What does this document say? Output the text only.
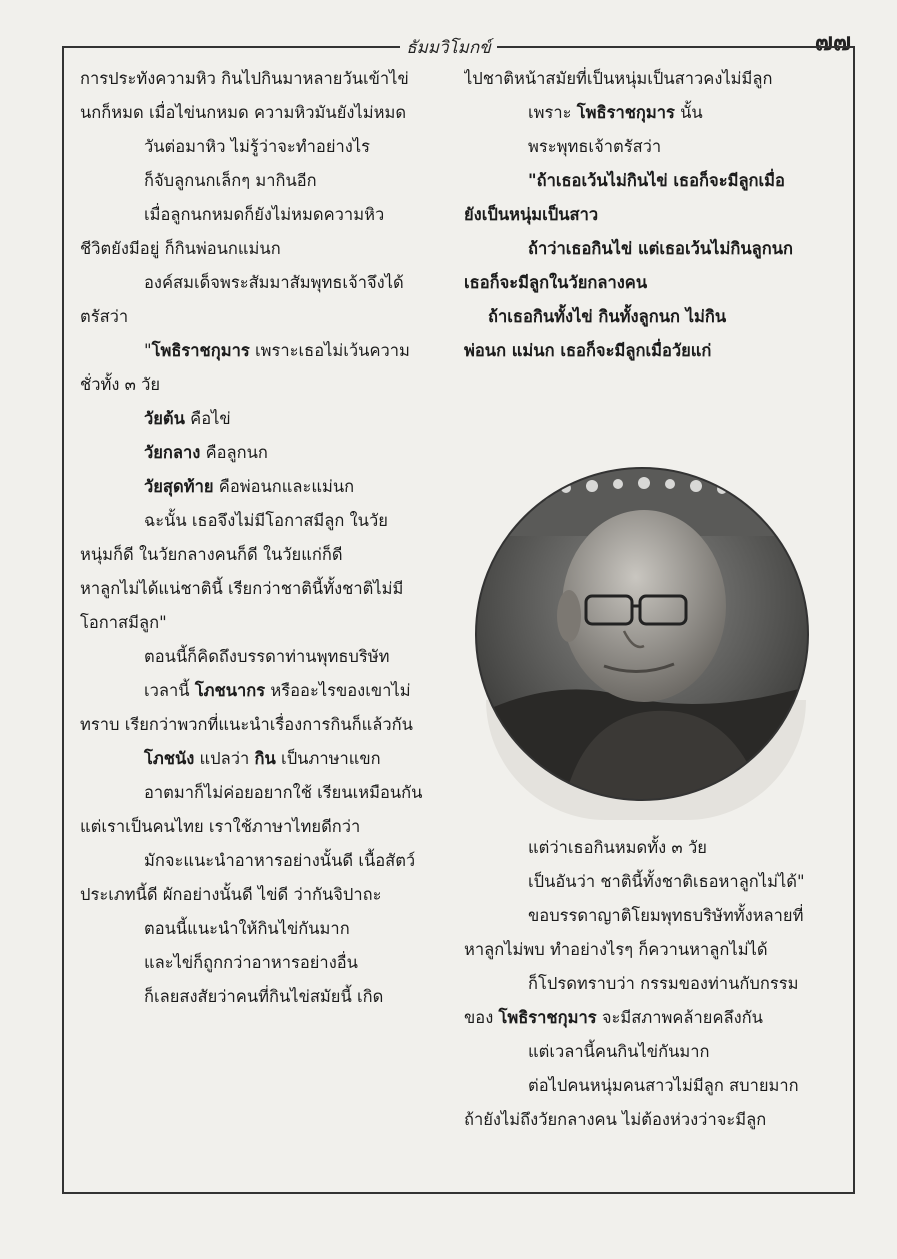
๗๗
ธัมมวิโมกข์
การประทังความหิว กินไปกินมาหลายวันเข้าไข่
นกก็หมด เมื่อไข่นกหมด ความหิวมันยังไม่หมด
วันต่อมาหิว ไม่รู้ว่าจะทำอย่างไร
ก็จับลูกนกเล็กๆ มากินอีก
เมื่อลูกนกหมดก็ยังไม่หมดความหิว
ชีวิตยังมีอยู่ ก็กินพ่อนกแม่นก
องค์สมเด็จพระสัมมาสัมพุทธเจ้าจึงได้
ตรัสว่า
"โพธิราชกุมาร เพราะเธอไม่เว้นความ
ชั่วทั้ง ๓ วัย
วัยต้น คือไข่
วัยกลาง คือลูกนก
วัยสุดท้าย คือพ่อนกและแม่นก
ฉะนั้น เธอจึงไม่มีโอกาสมีลูก ในวัย
หนุ่มก็ดี ในวัยกลางคนก็ดี ในวัยแก่ก็ดี
หาลูกไม่ได้แน่ชาตินี้ เรียกว่าชาตินี้ทั้งชาติไม่มี
โอกาสมีลูก"
ตอนนี้ก็คิดถึงบรรดาท่านพุทธบริษัท
เวลานี้ โภชนากร หรืออะไรของเขาไม่
ทราบ เรียกว่าพวกที่แนะนำเรื่องการกินก็แล้วกัน
โภชนัง แปลว่า กิน เป็นภาษาแขก
อาตมาก็ไม่ค่อยอยากใช้ เรียนเหมือนกัน
แต่เราเป็นคนไทย เราใช้ภาษาไทยดีกว่า
มักจะแนะนำอาหารอย่างนั้นดี เนื้อสัตว์
ประเภทนี้ดี ผักอย่างนั้นดี ไข่ดี ว่ากันจิปาถะ
ตอนนี้แนะนำให้กินไข่กันมาก
และไข่ก็ถูกกว่าอาหารอย่างอื่น
ก็เลยสงสัยว่าคนที่กินไข่สมัยนี้ เกิด
ไปชาติหน้าสมัยที่เป็นหนุ่มเป็นสาวคงไม่มีลูก
เพราะ โพธิราชกุมาร นั้น
พระพุทธเจ้าตรัสว่า
"ถ้าเธอเว้นไม่กินไข่ เธอก็จะมีลูกเมื่อ
ยังเป็นหนุ่มเป็นสาว
ถ้าว่าเธอกินไข่ แต่เธอเว้นไม่กินลูกนก
เธอก็จะมีลูกในวัยกลางคน
ถ้าเธอกินทั้งไข่ กินทั้งลูกนก ไม่กิน
พ่อนก แม่นก เธอก็จะมีลูกเมื่อวัยแก่
แต่ว่าเธอกินหมดทั้ง ๓ วัย
เป็นอันว่า ชาตินี้ทั้งชาติเธอหาลูกไม่ได้"
ขอบรรดาญาติโยมพุทธบริษัททั้งหลายที่
หาลูกไม่พบ ทำอย่างไรๆ ก็ควานหาลูกไม่ได้
ก็โปรดทราบว่า กรรมของท่านกับกรรม
ของ โพธิราชกุมาร จะมีสภาพคล้ายคลึงกัน
แต่เวลานี้คนกินไข่กันมาก
ต่อไปคนหนุ่มคนสาวไม่มีลูก สบายมาก
ถ้ายังไม่ถึงวัยกลางคน ไม่ต้องห่วงว่าจะมีลูก
